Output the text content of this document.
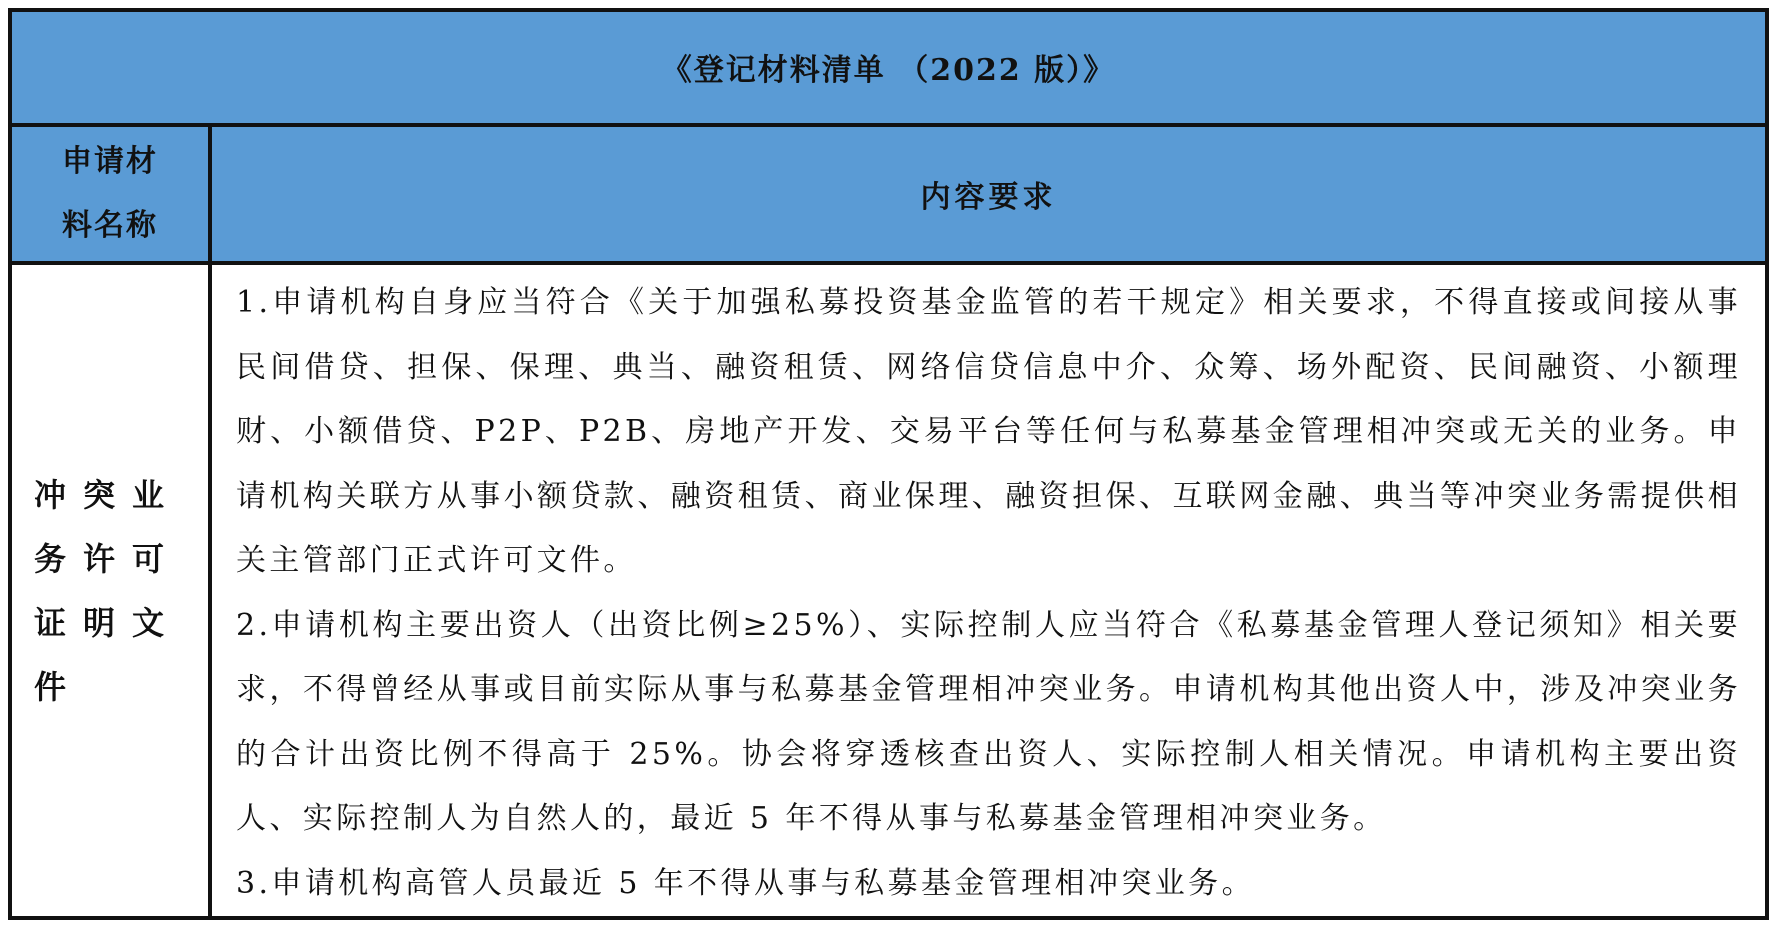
《登记材料清单 （2022 版）》
申请材料名称
内容要求
冲突业务许可证明文件

1.申请机构自身应当符合《关于加强私募投资基金监管的若干规定》相关要求，不得直接或间接从事民间借贷、担保、保理、典当、融资租赁、网络信贷信息中介、众筹、场外配资、民间融资、小额理财、小额借贷、P2P、P2B、房地产开发、交易平台等任何与私募基金管理相冲突或无关的业务。申请机构关联方从事小额贷款、融资租赁、商业保理、融资担保、互联网金融、典当等冲突业务需提供相关主管部门正式许可文件。

2.申请机构主要出资人（出资比例≥25%）、实际控制人应当符合《私募基金管理人登记须知》相关要求，不得曾经从事或目前实际从事与私募基金管理相冲突业务。申请机构其他出资人中，涉及冲突业务的合计出资比例不得高于 25%。协会将穿透核查出资人、实际控制人相关情况。申请机构主要出资人、实际控制人为自然人的，最近 5 年不得从事与私募基金管理相冲突业务。

3.申请机构高管人员最近 5 年不得从事与私募基金管理相冲突业务。
